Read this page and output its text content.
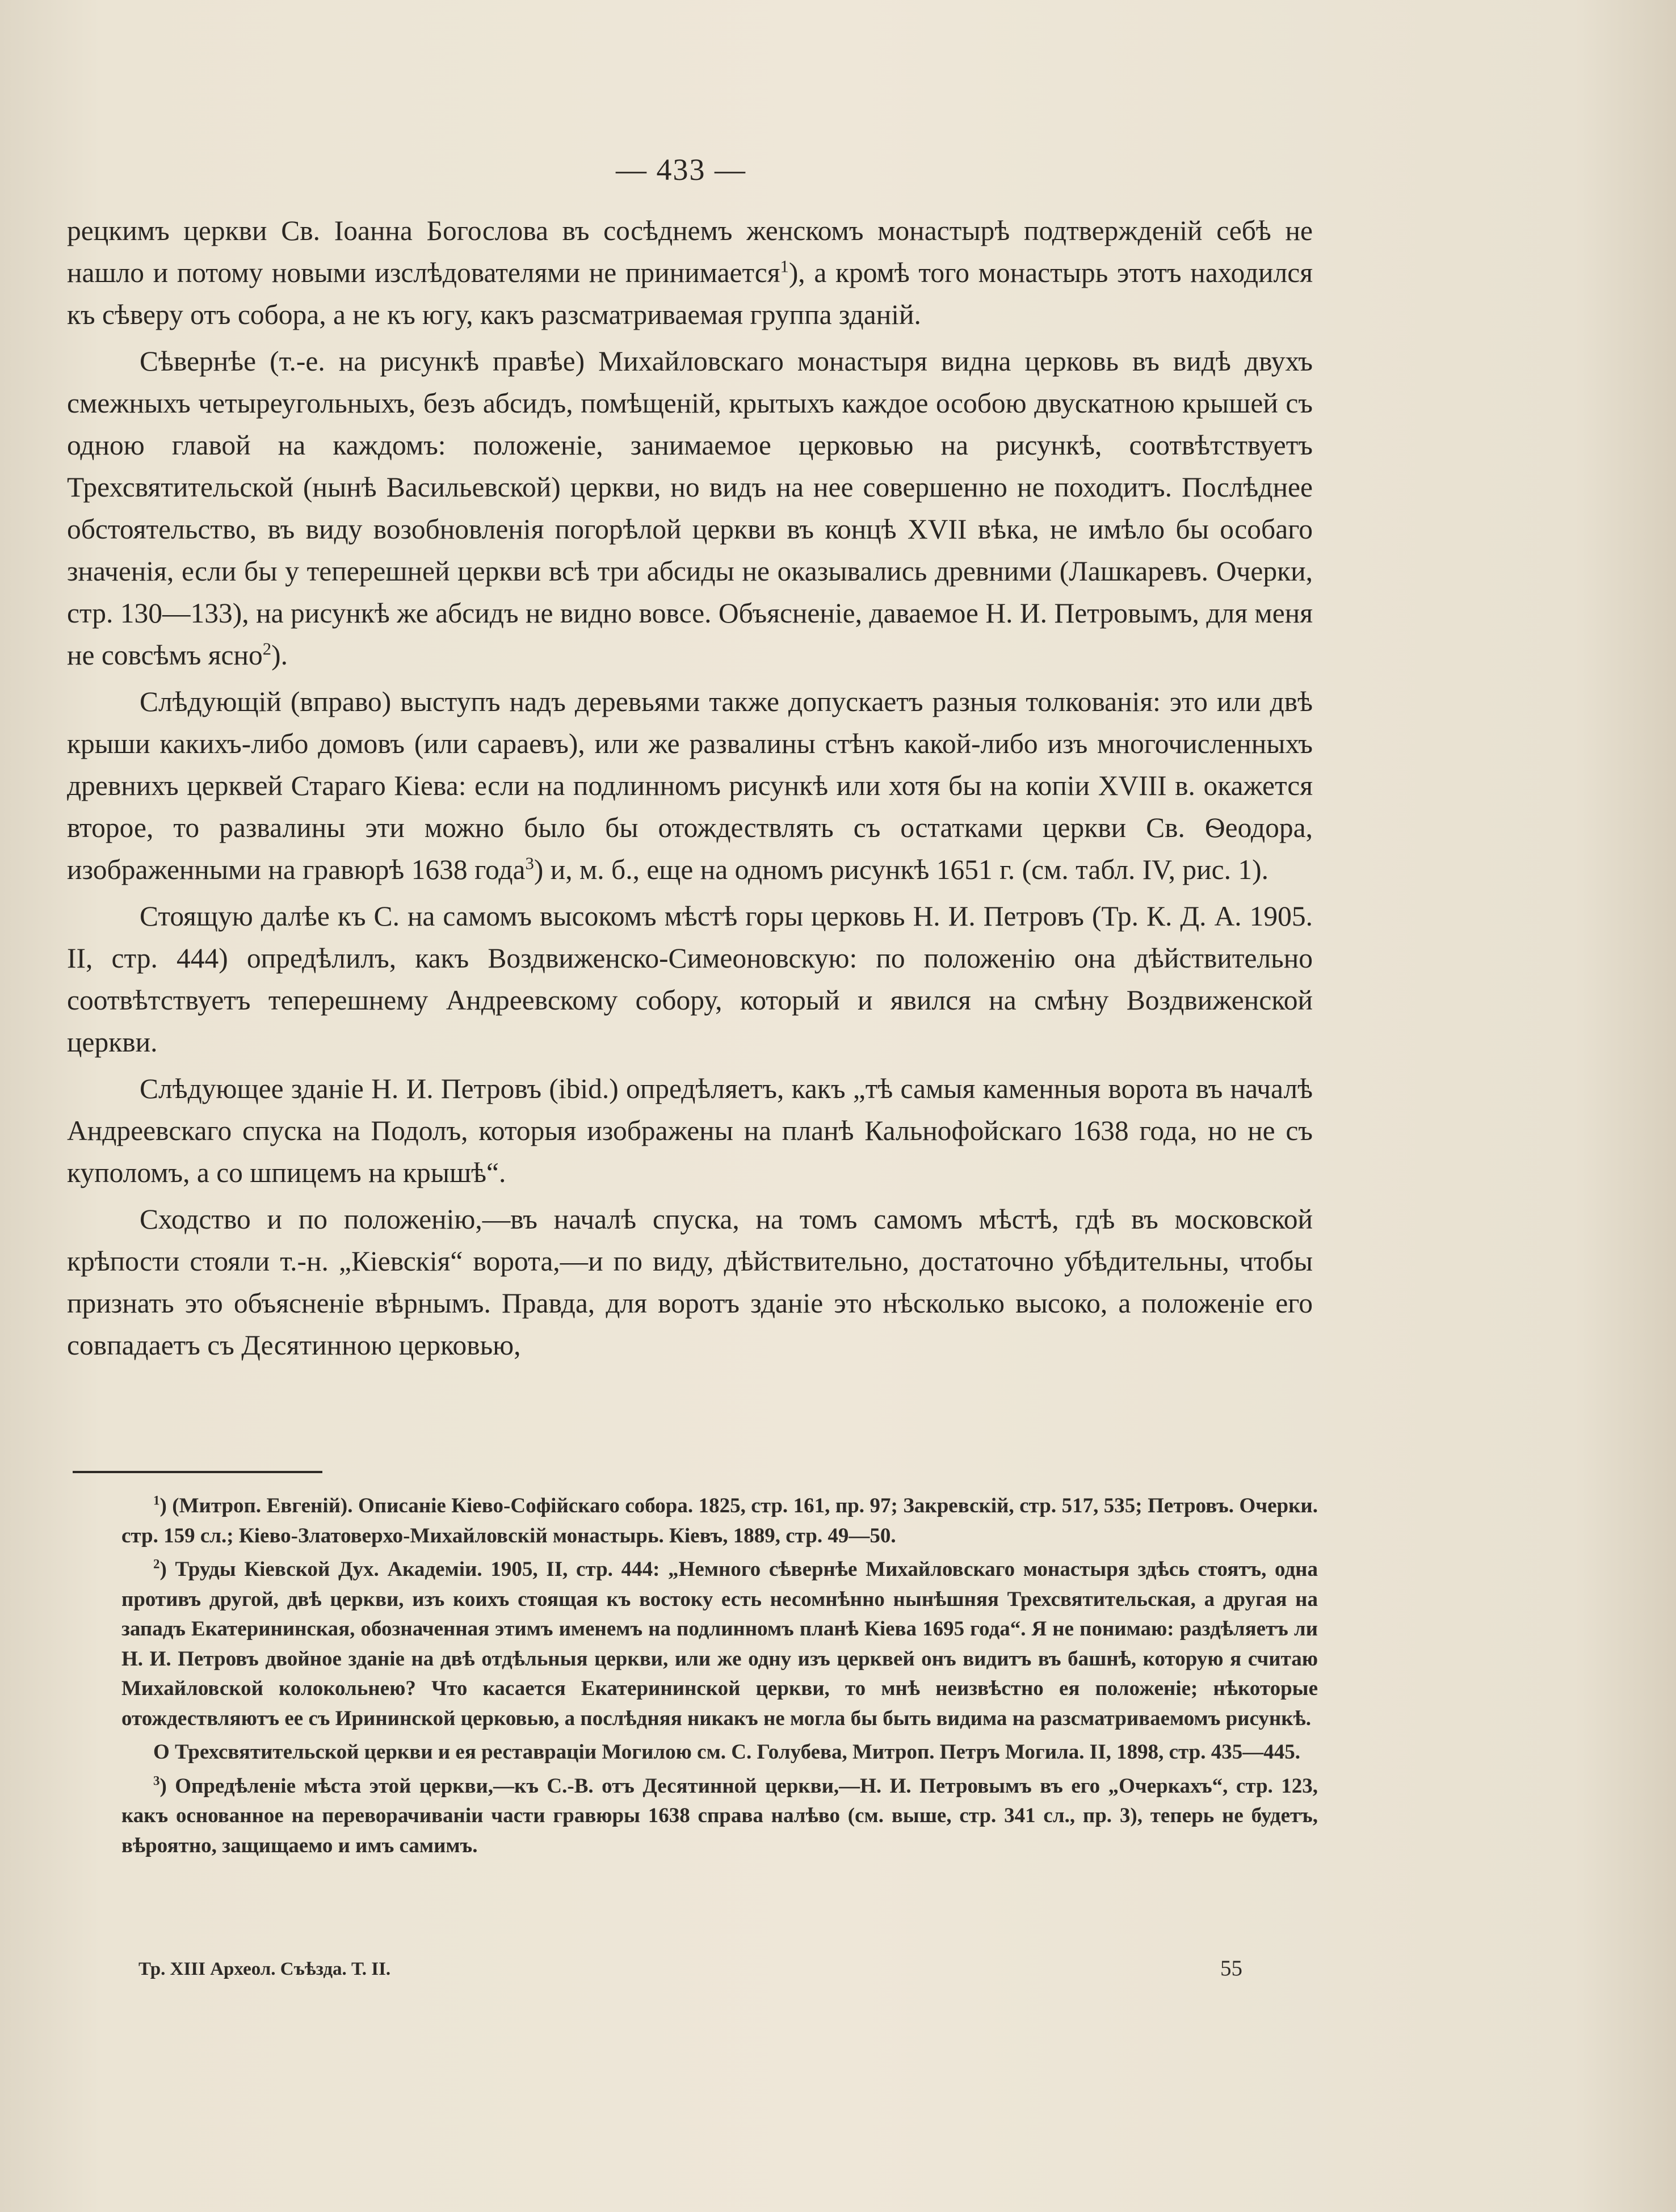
— 433 —

рецкимъ церкви Св. Іоанна Богослова въ сосѣднемъ женскомъ монастырѣ подтвержденій себѣ не нашло и потому новыми изслѣдователями не принимается$^1$), а кромѣ того монастырь этотъ находился къ сѣверу отъ собора, а не къ югу, какъ разсматриваемая группа зданій.

Сѣвернѣе (т.-е. на рисункѣ правѣе) Михайловскаго монастыря видна церковь въ видѣ двухъ смежныхъ четыреугольныхъ, безъ абсидъ, помѣщеній, крытыхъ каждое особою двускатною крышей съ одною главой на каждомъ: положеніе, занимаемое церковью на рисункѣ, соотвѣтствуетъ Трехсвятительской (нынѣ Васильевской) церкви, но видъ на нее совершенно не походитъ. Послѣднее обстоятельство, въ виду возобновленія погорѣлой церкви въ концѣ XVII вѣка, не имѣло бы особаго значенія, если бы у теперешней церкви всѣ три абсиды не оказывались древними (Лашкаревъ. Очерки, стр. 130—133), на рисункѣ же абсидъ не видно вовсе. Объясненіе, даваемое Н. И. Петровымъ, для меня не совсѣмъ ясно$^2$).

Слѣдующій (вправо) выступъ надъ деревьями также допускаетъ разныя толкованія: это или двѣ крыши какихъ-либо домовъ (или сараевъ), или же развалины стѣнъ какой-либо изъ многочисленныхъ древнихъ церквей Стараго Кіева: если на подлинномъ рисункѣ или хотя бы на копіи XVIII в. окажется второе, то развалины эти можно было бы отождествлять съ остатками церкви Св. Ѳеодора, изображенными на гравюрѣ 1638 года$^3$) и, м. б., еще на одномъ рисункѣ 1651 г. (см. табл. IV, рис. 1).

Стоящую далѣе къ С. на самомъ высокомъ мѣстѣ горы церковь Н. И. Петровъ (Тр. К. Д. А. 1905. II, стр. 444) опредѣлилъ, какъ Воздвиженско-Симеоновскую: по положенію она дѣйствительно соотвѣтствуетъ теперешнему Андреевскому собору, который и явился на смѣну Воздвиженской церкви.

Слѣдующее зданіе Н. И. Петровъ (ibid.) опредѣляетъ, какъ „тѣ самыя каменныя ворота въ началѣ Андреевскаго спуска на Подолъ, которыя изображены на планѣ Кальнофойскаго 1638 года, но не съ куполомъ, а со шпицемъ на крышѣ“.

Сходство и по положенію,—въ началѣ спуска, на томъ самомъ мѣстѣ, гдѣ въ московской крѣпости стояли т.-н. „Кіевскія“ ворота,—и по виду, дѣйствительно, достаточно убѣдительны, чтобы признать это объясненіе вѣрнымъ. Правда, для воротъ зданіе это нѣсколько высоко, а положеніе его совпадаетъ съ Десятинною церковью,

$^1$) (Митроп. Евгеній). Описаніе Кіево-Софійскаго собора. 1825, стр. 161, пр. 97; Закревскій, стр. 517, 535; Петровъ. Очерки. стр. 159 сл.; Кіево-Златоверхо-Михайловскій монастырь. Кіевъ, 1889, стр. 49—50.

$^2$) Труды Кіевской Дух. Академіи. 1905, II, стр. 444: „Немного сѣвернѣе Михайловскаго монастыря здѣсь стоятъ, одна противъ другой, двѣ церкви, изъ коихъ стоящая къ востоку есть несомнѣнно нынѣшняя Трехсвятительская, а другая на западъ Екатерининская, обозначенная этимъ именемъ на подлинномъ планѣ Кіева 1695 года“. Я не понимаю: раздѣляетъ ли Н. И. Петровъ двойное зданіе на двѣ отдѣльныя церкви, или же одну изъ церквей онъ видитъ въ башнѣ, которую я считаю Михайловской колокольнею? Что касается Екатерининской церкви, то мнѣ неизвѣстно ея положеніе; нѣкоторые отождествляютъ ее съ Ирининской церковью, а послѣдняя никакъ не могла бы быть видима на разсматриваемомъ рисункѣ.

О Трехсвятительской церкви и ея реставраціи Могилою см. С. Голубева, Митроп. Петръ Могила. II, 1898, стр. 435—445.

$^3$) Опредѣленіе мѣста этой церкви,—къ С.-В. отъ Десятинной церкви,—Н. И. Петровымъ въ его „Очеркахъ“, стр. 123, какъ основанное на переворачиваніи части гравюры 1638 справа налѣво (см. выше, стр. 341 сл., пр. 3), теперь не будетъ, вѣроятно, защищаемо и имъ самимъ.

Тр. XIII Археол. Съѣзда. Т. II.	55
